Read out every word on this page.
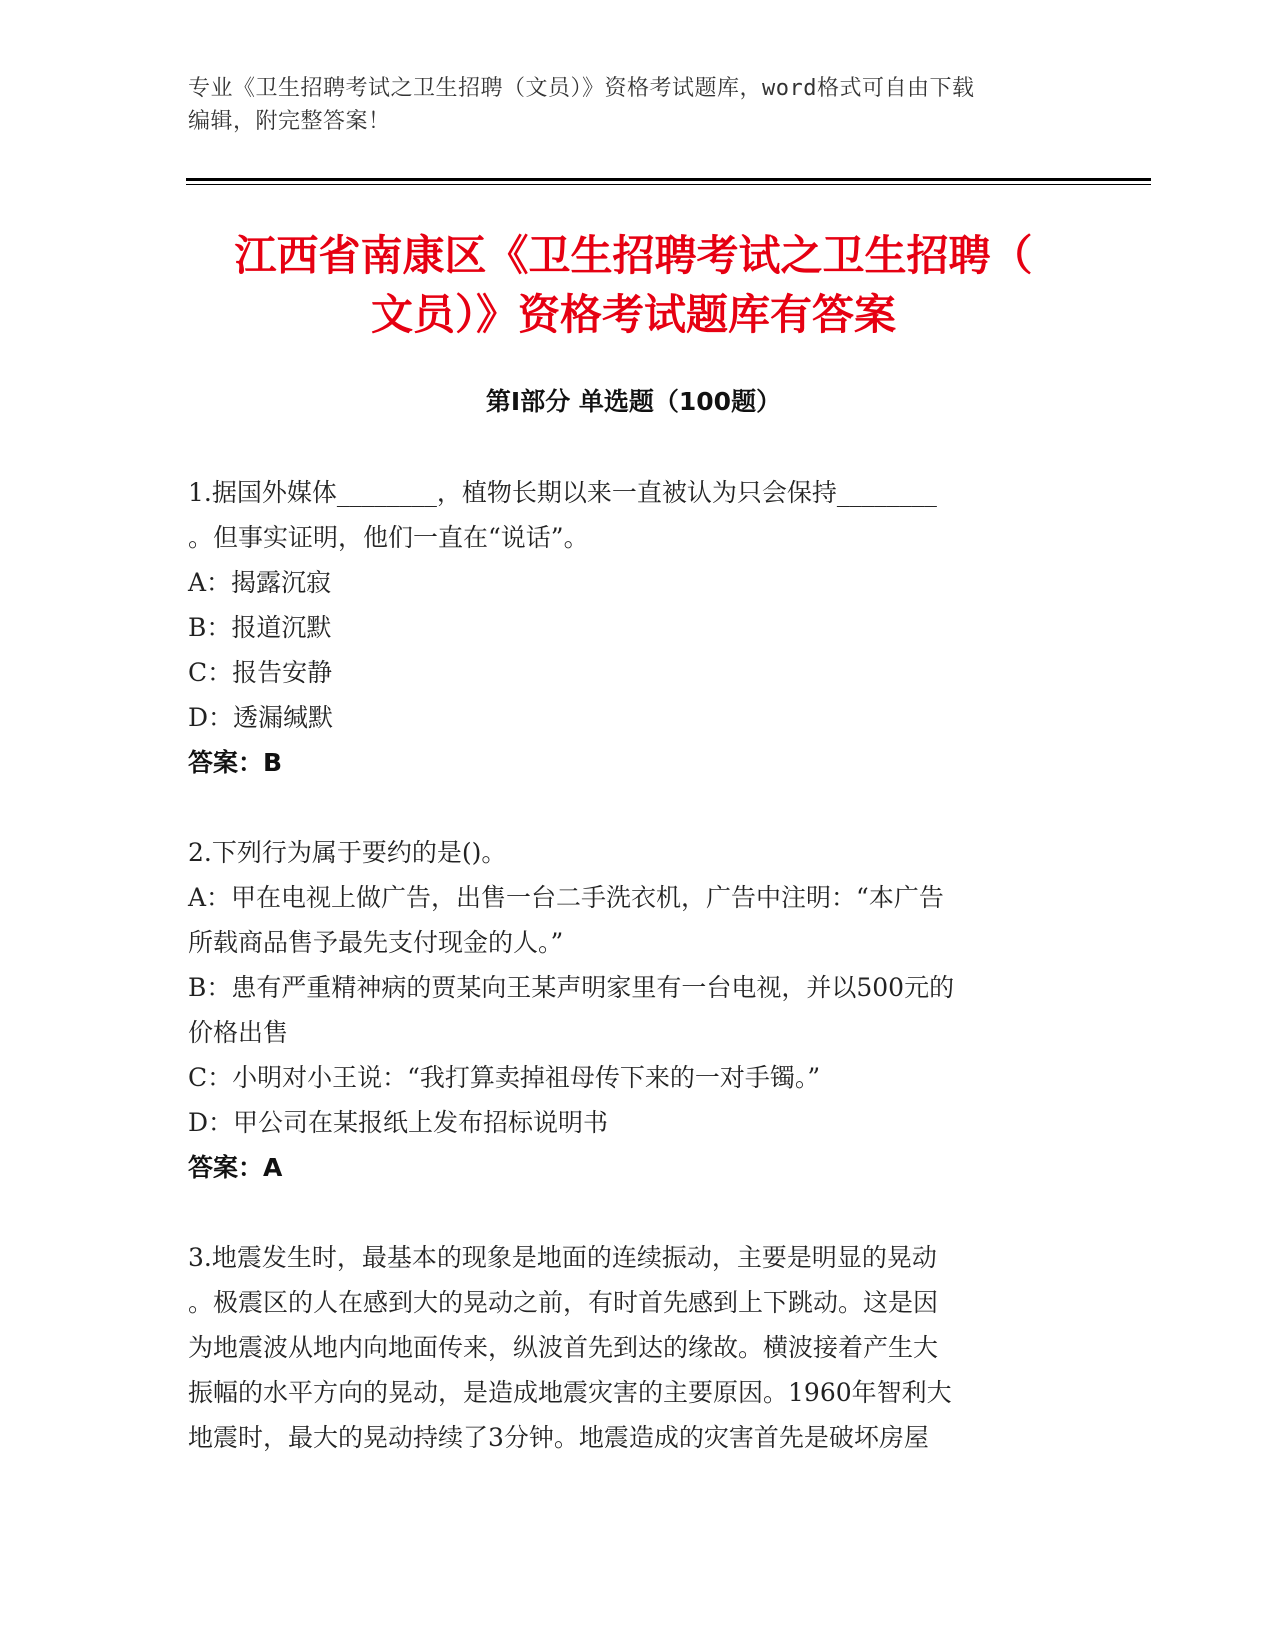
专业《卫生招聘考试之卫生招聘（文员）》资格考试题库，word格式可自由下载
编辑，附完整答案！
江西省南康区《卫生招聘考试之卫生招聘（
文员）》资格考试题库有答案
第Ⅰ部分 单选题（100题）
1.据国外媒体________，植物长期以来一直被认为只会保持________
。但事实证明，他们一直在“说话”。
A：揭露沉寂
B：报道沉默
C：报告安静
D：透漏缄默
答案：B
2.下列行为属于要约的是()。
A：甲在电视上做广告，出售一台二手洗衣机，广告中注明：“本广告
所载商品售予最先支付现金的人。”
B：患有严重精神病的贾某向王某声明家里有一台电视，并以500元的
价格出售
C：小明对小王说：“我打算卖掉祖母传下来的一对手镯。”
D：甲公司在某报纸上发布招标说明书
答案：A
3.地震发生时，最基本的现象是地面的连续振动，主要是明显的晃动
。极震区的人在感到大的晃动之前，有时首先感到上下跳动。这是因
为地震波从地内向地面传来，纵波首先到达的缘故。横波接着产生大
振幅的水平方向的晃动，是造成地震灾害的主要原因。1960年智利大
地震时，最大的晃动持续了3分钟。地震造成的灾害首先是破坏房屋
